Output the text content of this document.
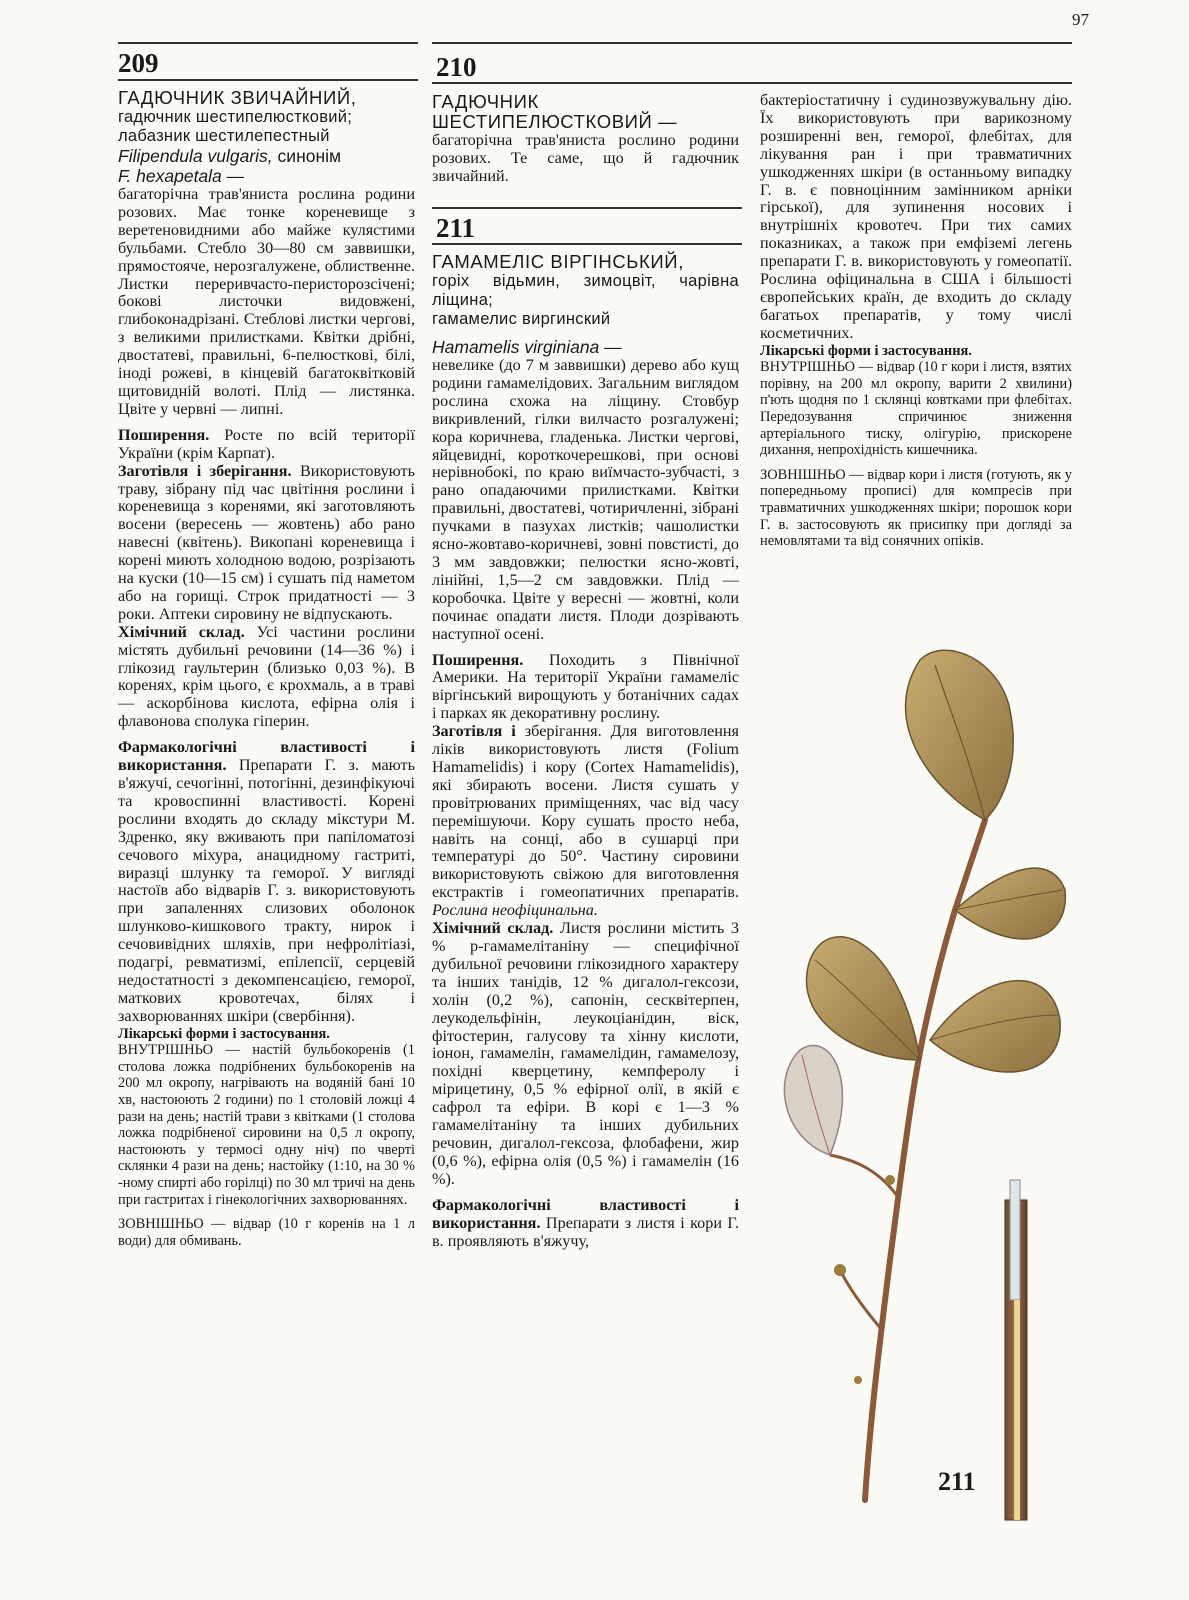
97
209	210
211

ГАДЮЧНИК ЗВИЧАЙНИЙ,

гадючник шестипелюстковий;

лабазник шестилепестный

Filipendula vulgaris, синонім

F. hexapetala —

багаторічна трав'яниста рослина родини розових. Має тонке кореневище з веретеновидними або майже кулястими бульбами. Стебло 30—80 см заввишки, прямостояче, нерозгалужене, облиственне. Листки переривчасто-перисторозсічені; бокові листочки видовжені, глибоконадрізані. Стеблові листки чергові, з великими прилистками. Квітки дрібні, двостатеві, правильні, 6-пелюсткові, білі, іноді рожеві, в кінцевій багатоквітковій щитовидній волоті. Плід — листянка. Цвіте у червні — липні.

Поширення. Росте по всій території України (крім Карпат).

Заготівля і зберігання. Використовують траву, зібрану під час цвітіння рослини і кореневища з коренями, які заготовляють восени (вересень — жовтень) або рано навесні (квітень). Викопані кореневища і корені миють холодною водою, розрізають на куски (10—15 см) і сушать під наметом або на горищі. Строк придатності — 3 роки. Аптеки сировину не відпускають.

Хімічний склад. Усі частини рослини містять дубильні речовини (14—36 %) і глікозид гаультерин (близько 0,03 %). В кореняx, крім цього, є крохмаль, а в траві — аскорбінова кислота, ефірна олія і флавонова сполука гіперин.

Фармакологічні властивості і використання. Препарати Г. з. мають в'яжучі, сечогінні, потогінні, дезинфікуючі та кровоспинні властивості. Корені рослини входять до складу мікстури М. Здренко, яку вживають при папіломатозі сечового міхура, анацидному гастриті, виразці шлунку та геморої. У вигляді настоїв або відварів Г. з. використовують при запаленнях слизових оболонок шлунково-кишкового тракту, нирок і сечовивідних шляхів, при нефролітіазі, подагрі, ревматизмі, епілепсії, серцевій недостатності з декомпенсацією, геморої, маткових кровотечах, білях і захворюваннях шкіри (свербіння).

Лікарські форми і застосування.

ВНУТРІШНЬО — настій бульбокоренів (1 столова ложка подрібнених бульбокоренів на 200 мл окропу, нагрівають на водяній бані 10 хв, настоюють 2 години) по 1 столовій ложці 4 рази на день; настій трави з квітками (1 столова ложка подрібненої сировини на 0,5 л окропу, настоюють у термосі одну ніч) по чверті склянки 4 рази на день; настойку (1:10, на 30 % -ному спирті або горілці) по 30 мл тричі на день при гастритах і гінекологічних захворюваннях.

ЗОВНІШНЬО — відвар (10 г коренів на 1 л води) для обмивань.

ГАДЮЧНИК ШЕСТИПЕЛЮСТКОВИЙ —

багаторічна трав'яниста рослино родини розових. Те саме, що й гадючник звичайний.

ГАМАМЕЛІС ВІРГІНСЬКИЙ,

горіх відьмин, зимоцвіт, чарівна ліщина;

гамамелис виргинский

Hamamelis virginiana —

невелике (до 7 м заввишки) дерево або кущ родини гамамелідових. Загальним виглядом рослина схожа на ліщину. Стовбур викривлений, гілки вилчасто розгалужені; кора коричнева, гладенька. Листки чергові, яйцевидні, короткочерешкові, при основі нерівнобокі, по краю виїмчасто-зубчасті, з рано опадаючими прилистками. Квітки правильні, двостатеві, чотиричленні, зібрані пучками в пазухах листків; чашолистки ясно-жовтаво-коричневі, зовні повстисті, до 3 мм завдовжки; пелюстки ясно-жовті, лінійні, 1,5—2 см завдовжки. Плід — коробочка. Цвіте у вересні — жовтні, коли починає опадати листя. Плоди дозрівають наступної осені.

Поширення. Походить з Північної Америки. На території України гамамеліс віргінський вирощують у ботанічних садах і парках як декоративну рослину.

Заготівля і зберігання. Для виготовлення ліків використовують листя (Folium Hamamelidis) і кору (Cortex Hamamelidis), які збирають восени. Листя сушать у провітрюваних приміщеннях, час від часу перемішуючи. Кору сушать просто неба, навіть на сонці, або в сушарці при температурі до 50°. Частину сировини використовують свіжою для виготовлення екстрактів і гомеопатичних препаратів. Рослина неофіцинальна.

Хімічний склад. Листя рослини містить 3 % р-гамамелітаніну — специфічної дубильної речовини глікозидного характеру та інших танідів, 12 % дигалол-гексози, холін (0,2 %), сапонін, сесквітерпен, леукодельфінін, леукоціанідин, віск, фітостерин, галусову та хінну кислоти, іонон, гамамелін, гамамелідин, гамамелозу, похідні кверцетину, кемпферолу і мірицетину, 0,5 % ефірної олії, в якій є сафрол та ефіри. В корі є 1—3 % гамамелітаніну та інших дубильних речовин, дигалол-гексоза, флобафени, жир (0,6 %), ефірна олія (0,5 %) і гамамелін (16 %).

Фармакологічні властивості і використання. Препарати з листя і кори Г. в. проявляють в'яжучу,

бактеріостатичну і судинозвужувальну дію. Їх використовують при варикозному розширенні вен, геморої, флебітах, для лікування ран і при травматичних ушкодженнях шкіри (в останньому випадку Г. в. є повноцінним замінником арніки гірської), для зупинення носових і внутрішніх кровотеч. При тих самих показниках, а також при емфіземі легень препарати Г. в. використовують у гомеопатії. Рослина офіцинальна в США і більшості європейських країн, де входить до складу багатьох препаратів, у тому числі косметичних.

Лікарські форми і застосування.

ВНУТРІШНЬО — відвар (10 г кори і листя, взятих порівну, на 200 мл окропу, варити 2 хвилини) п'ють щодня по 1 склянці ковтками при флебітах. Передозування спричинює зниження артеріального тиску, олігурію, прискорене дихання, непрохідність кишечника.

ЗОВНІШНЬО — відвар кори і листя (готують, як у попередньому прописі) для компресів при травматичних ушкодженнях шкіри; порошок кори Г. в. застосовують як присипку при догляді за немовлятами та від сонячних опіків.

211
